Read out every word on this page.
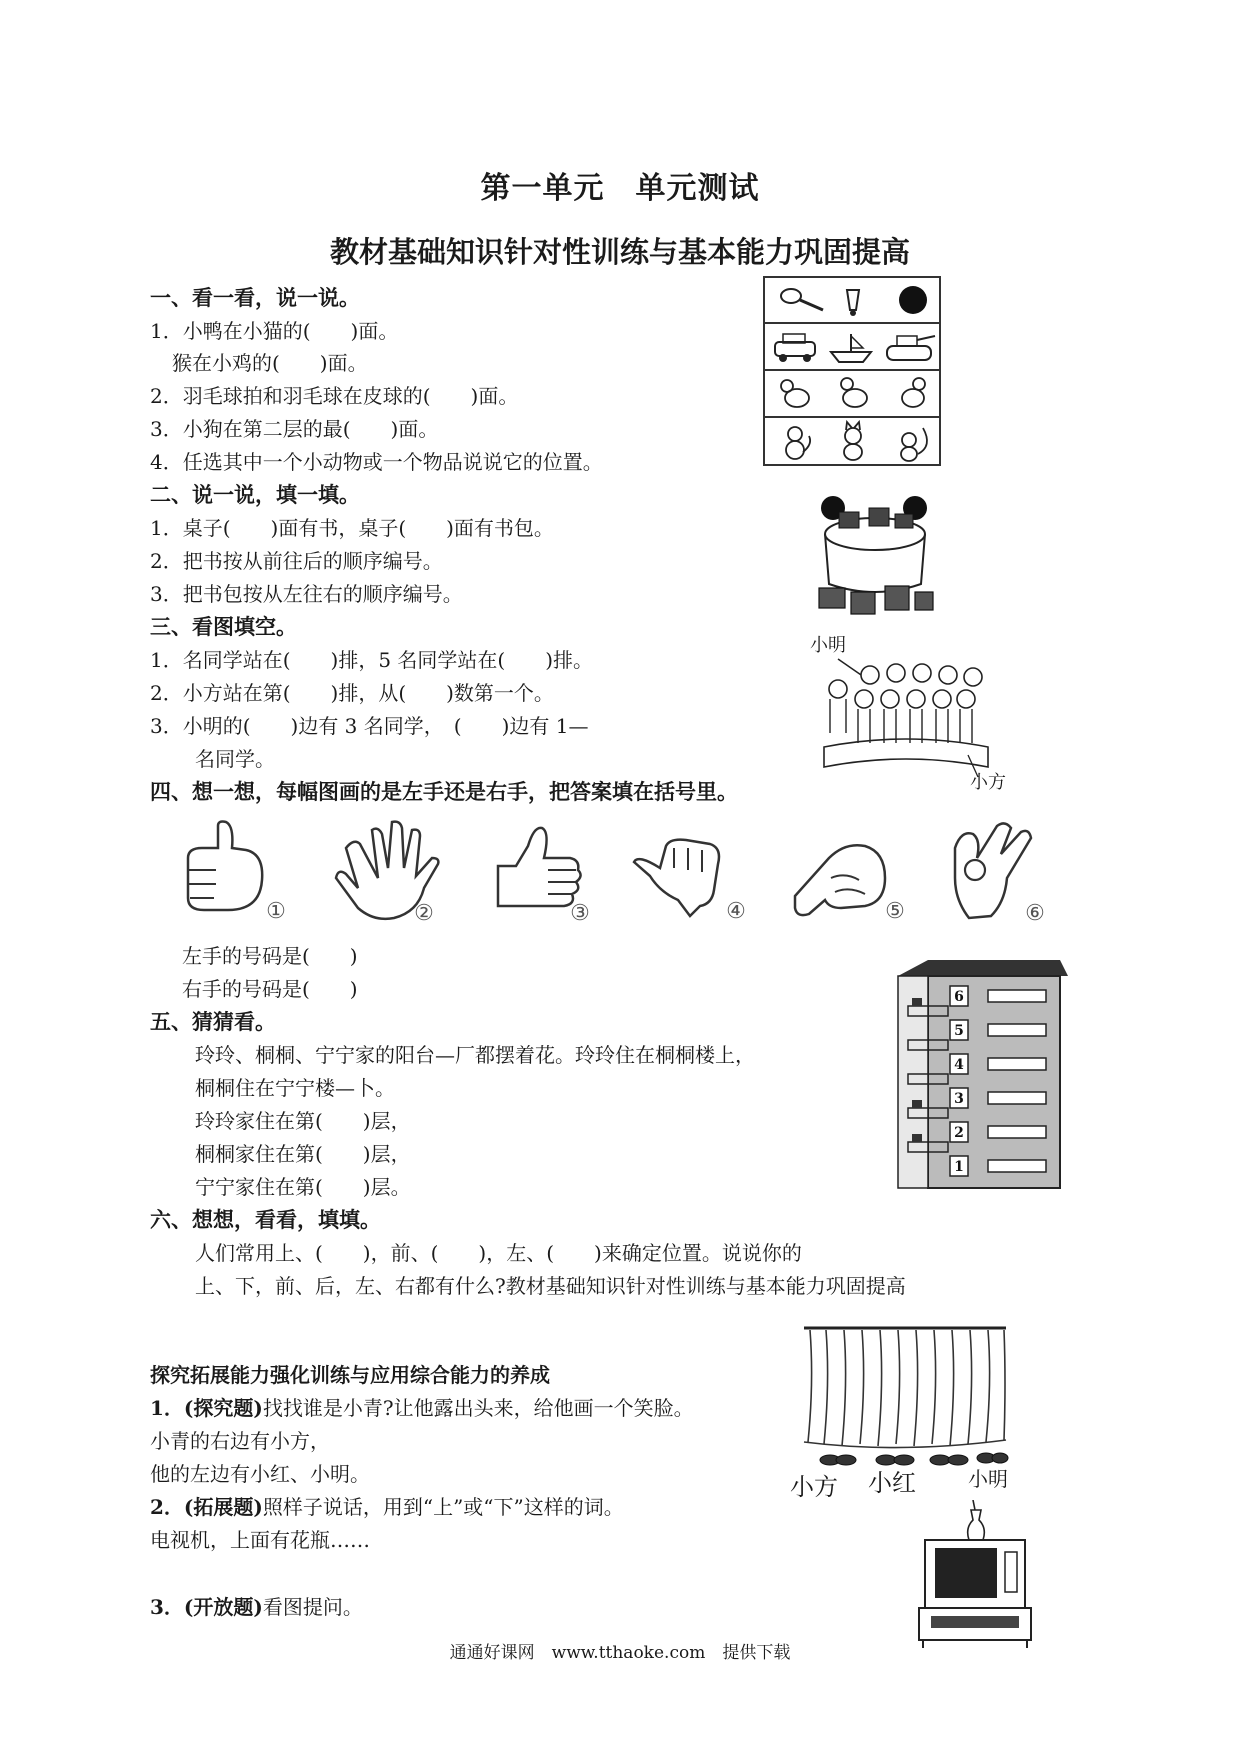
第一单元　单元测试
教材基础知识针对性训练与基本能力巩固提高
一、看一看，说一说。
1．小鸭在小猫的(　　)面。
猴在小鸡的(　　)面。
2．羽毛球拍和羽毛球在皮球的(　　)面。
3．小狗在第二层的最(　　)面。
4．任选其中一个小动物或一个物品说说它的位置。
二、说一说，填一填。
1．桌子(　　)面有书，桌子(　　)面有书包。
2．把书按从前往后的顺序编号。
3．把书包按从左往右的顺序编号。
三、看图填空。
1．名同学站在(　　)排，5 名同学站在(　　)排。
2．小方站在第(　　)排，从(　　)数第一个。
3．小明的(　　)边有 3 名同学，　(　　)边有 1—
名同学。
四、想一想，每幅图画的是左手还是右手，把答案填在括号里。
左手的号码是(　　)
右手的号码是(　　)
五、猜猜看。
玲玲、桐桐、宁宁家的阳台—厂都摆着花。玲玲住在桐桐楼上，
桐桐住在宁宁楼—卜。
玲玲家住在第(　　)层，
桐桐家住在第(　　)层，
宁宁家住在第(　　)层。
六、想想，看看，填填。
人们常用上、(　　)，前、(　　)，左、(　　)来确定位置。说说你的
上、下，前、后，左、右都有什么?教材基础知识针对性训练与基本能力巩固提高
探究拓展能力强化训练与应用综合能力的养成
1．(探究题)找找谁是小青?让他露出头来，给他画一个笑脸。
小青的右边有小方，
他的左边有小红、小明。
2．(拓展题)照样子说话，用到“上”或“下”这样的词。
电视机，上面有花瓶……
3．(开放题)看图提问。
小明
小方
①	②	③	④	⑤	⑥
6
5
4
3
2
1
小方 小红	小明
通通好课网　www.tthaoke.com　提供下载
